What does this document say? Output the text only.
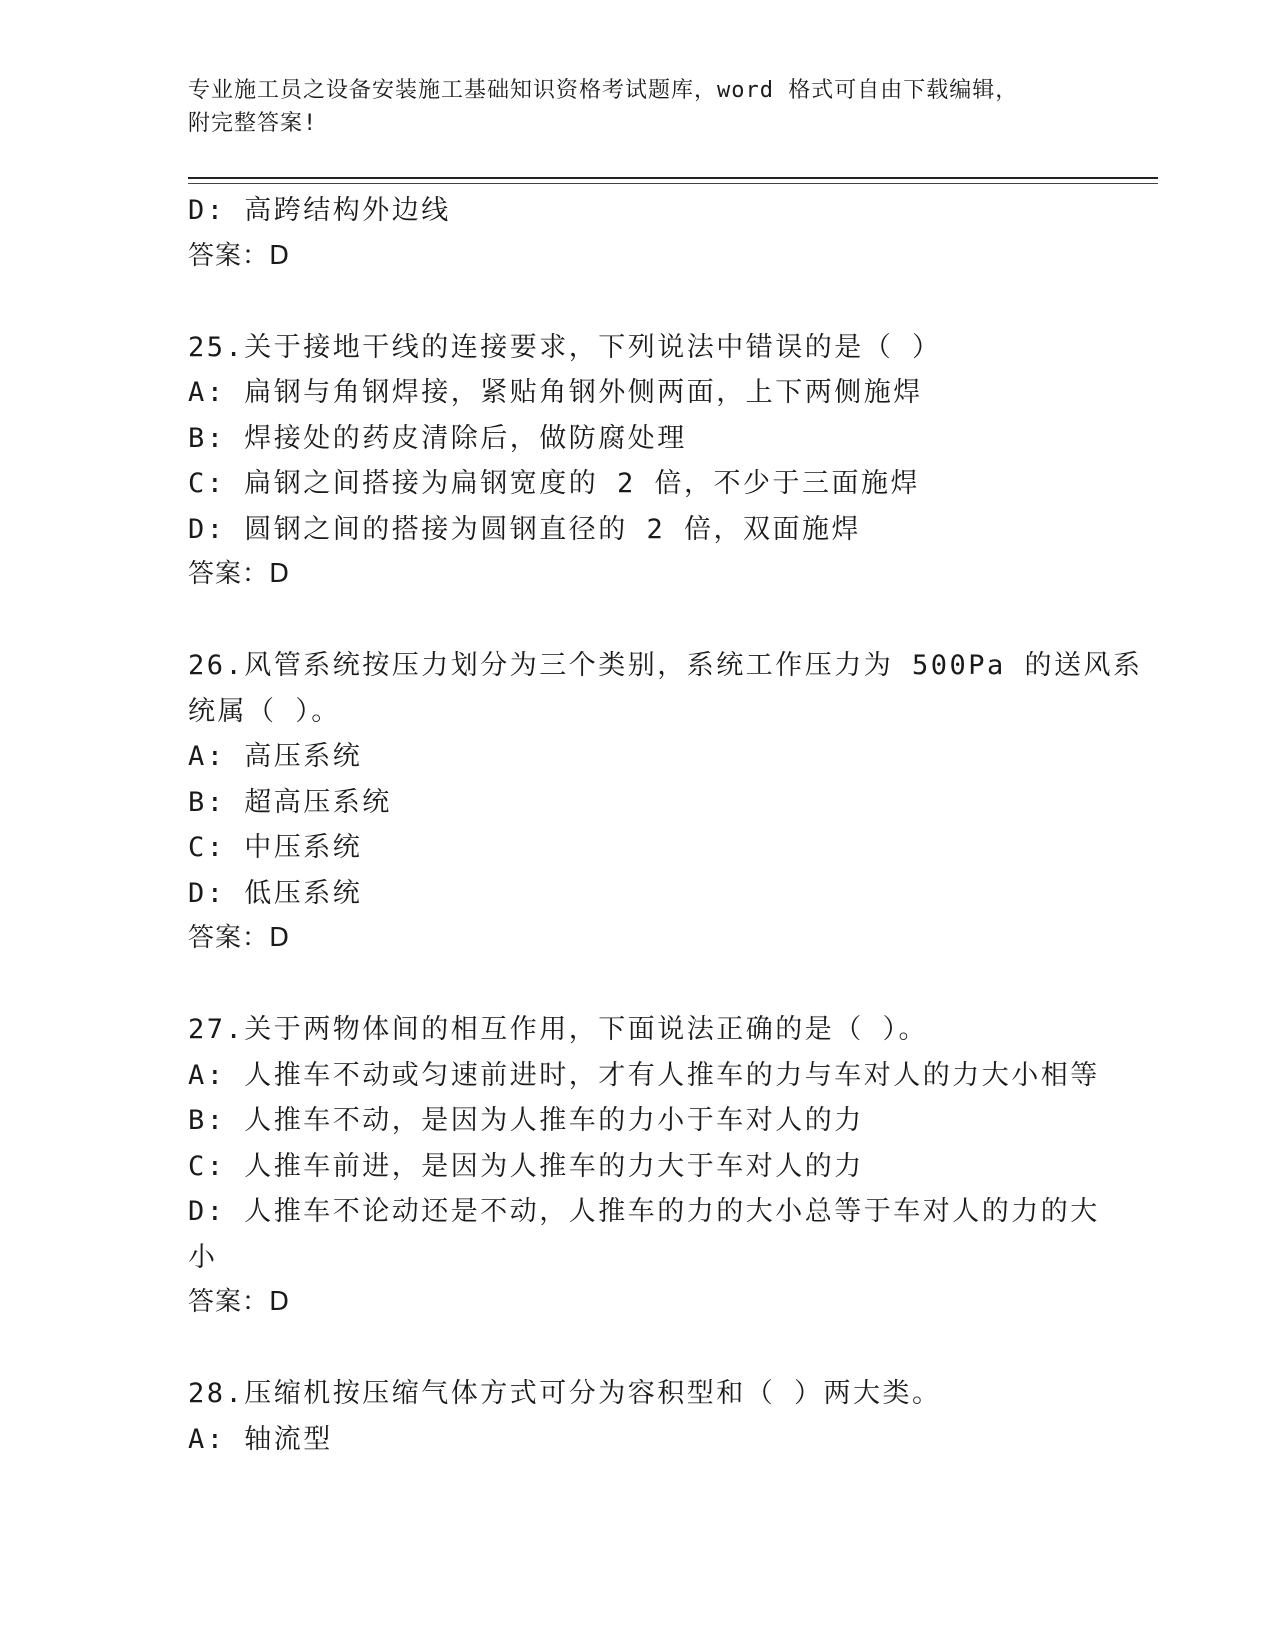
专业施工员之设备安装施工基础知识资格考试题库，word 格式可自由下载编辑，
附完整答案!
D: 高跨结构外边线
答案：D
25.关于接地干线的连接要求，下列说法中错误的是（ ）
A: 扁钢与角钢焊接，紧贴角钢外侧两面，上下两侧施焊
B: 焊接处的药皮清除后，做防腐处理
C: 扁钢之间搭接为扁钢宽度的 2 倍，不少于三面施焊
D: 圆钢之间的搭接为圆钢直径的 2 倍，双面施焊
答案：D
26.风管系统按压力划分为三个类别，系统工作压力为 500Pa 的送风系
统属（ ）。
A: 高压系统
B: 超高压系统
C: 中压系统
D: 低压系统
答案：D
27.关于两物体间的相互作用，下面说法正确的是（ ）。
A: 人推车不动或匀速前进时，才有人推车的力与车对人的力大小相等
B: 人推车不动，是因为人推车的力小于车对人的力
C: 人推车前进，是因为人推车的力大于车对人的力
D: 人推车不论动还是不动，人推车的力的大小总等于车对人的力的大
小
答案：D
28.压缩机按压缩气体方式可分为容积型和（ ）两大类。
A: 轴流型
